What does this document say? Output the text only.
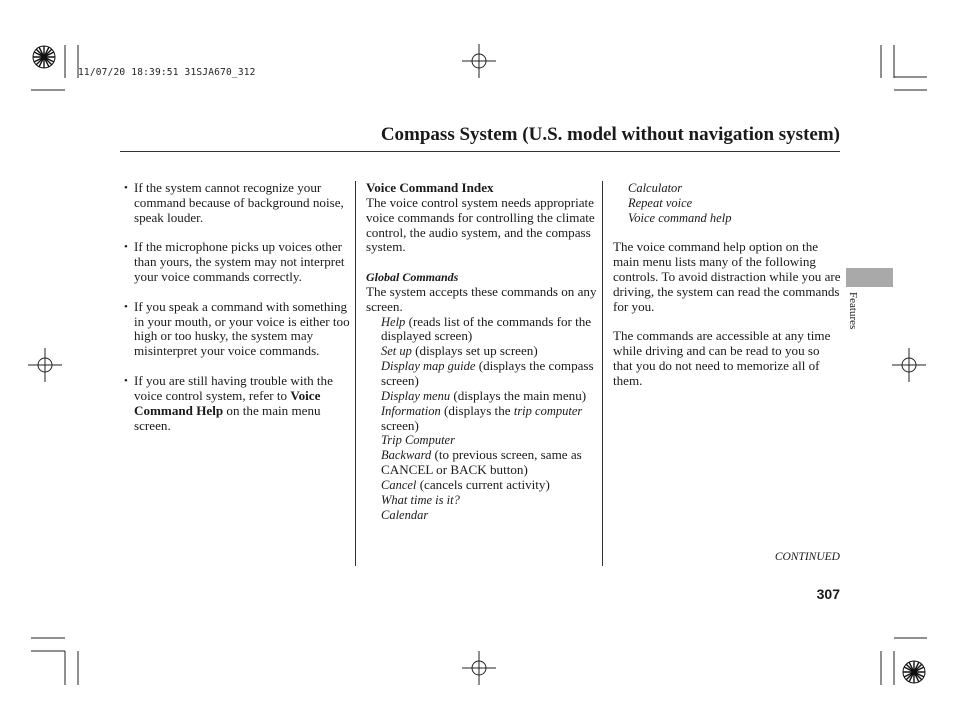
11/07/20 18:39:51 31SJA670_312
Compass System (U.S. model without navigation system)
• If the system cannot recognize your command because of background noise, speak louder.
• If the microphone picks up voices other than yours, the system may not interpret your voice commands correctly.
• If you speak a command with something in your mouth, or your voice is either too high or too husky, the system may misinterpret your voice commands.
• If you are still having trouble with the voice control system, refer to Voice Command Help on the main menu screen.

Voice Command Index

The voice control system needs appropriate voice commands for controlling the climate control, the audio system, and the compass system.

Global Commands

The system accepts these commands on any screen.

Help (reads list of the commands for the displayed screen)

Set up (displays set up screen)

Display map guide (displays the compass screen)

Display menu (displays the main menu)

Information (displays the trip computer screen)

Trip Computer

Backward (to previous screen, same as CANCEL or BACK button)

Cancel (cancels current activity)

What time is it?

Calendar

Calculator

Repeat voice

Voice command help

The voice command help option on the main menu lists many of the following controls. To avoid distraction while you are driving, the system can read the commands for you.

The commands are accessible at any time while driving and can be read to you so that you do not need to memorize all of them.

Features
CONTINUED
307
